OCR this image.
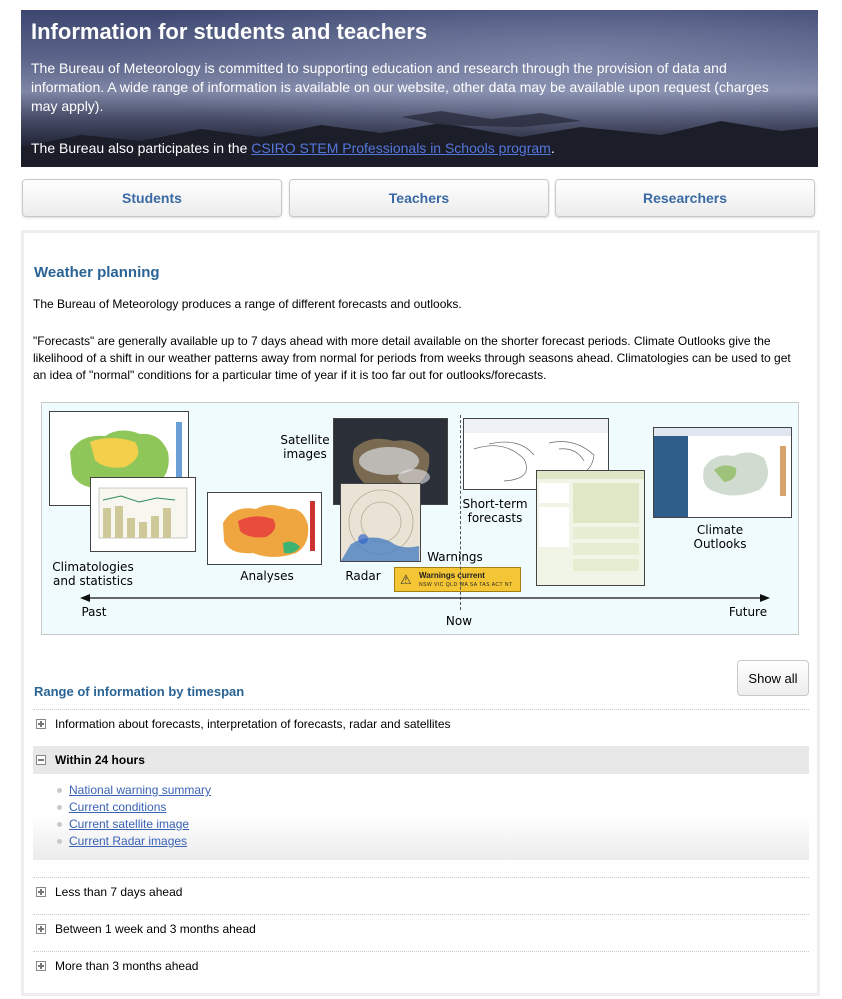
Information for students and teachers

The Bureau of Meteorology is committed to supporting education and research through the provision of data and information. A wide range of information is available on our website, other data may be available upon request (charges may apply).

The Bureau also participates in the CSIRO STEM Professionals in Schools program.

Students	Teachers	Researchers
Weather planning

The Bureau of Meteorology produces a range of different forecasts and outlooks.

"Forecasts" are generally available up to 7 days ahead with more detail available on the shorter forecast periods. Climate Outlooks give the likelihood of a shift in our weather patterns away from normal for periods from weeks through seasons ahead. Climatologies can be used to get an idea of "normal" conditions for a particular time of year if it is too far out for outlooks/forecasts.

Climatologies and statistics	Analyses
Satellite images
Radar
Warnings
⚠ Warnings current
NSW VIC QLD WA SA TAS ACT NT
Short-term forecasts
Climate Outlooks
Past
Now
Future
Show all
Range of information by timespan
Information about forecasts, interpretation of forecasts, radar and satellites
Within 24 hours
National warning summary
Current conditions
Current satellite image
Current Radar images
Less than 7 days ahead
Between 1 week and 3 months ahead
More than 3 months ahead
